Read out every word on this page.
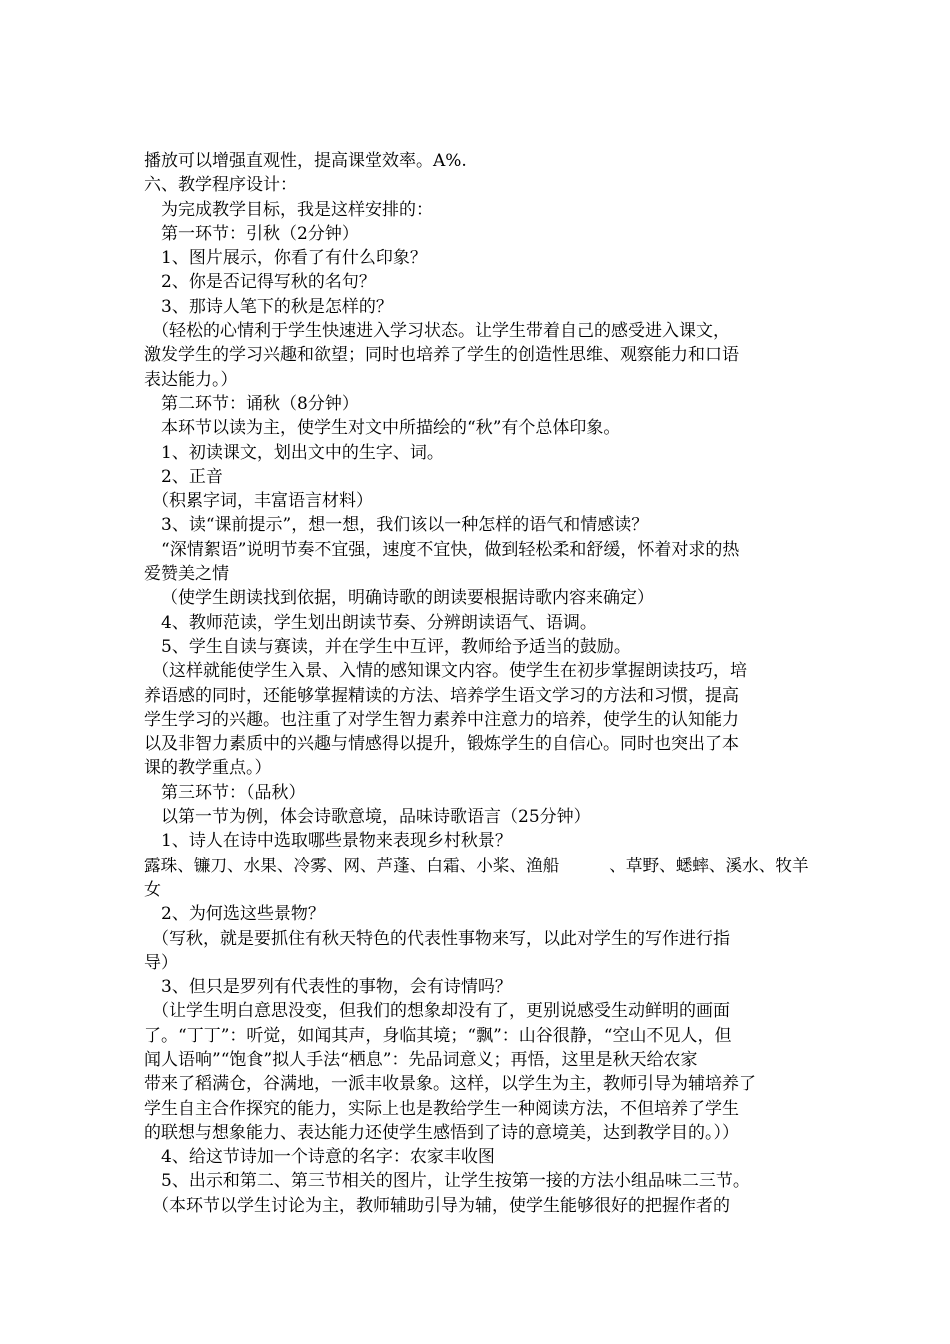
播放可以增强直观性，提高课堂效率。A%.
六、教学程序设计：
为完成教学目标，我是这样安排的：
第一环节：引秋（2分钟）
1、图片展示，你看了有什么印象？
2、你是否记得写秋的名句？
3、那诗人笔下的秋是怎样的？
（轻松的心情利于学生快速进入学习状态。让学生带着自己的感受进入课文，
激发学生的学习兴趣和欲望；同时也培养了学生的创造性思维、观察能力和口语
表达能力。）
第二环节：诵秋（8分钟）
本环节以读为主，使学生对文中所描绘的“秋”有个总体印象。
1、初读课文，划出文中的生字、词。
2、正音
（积累字词，丰富语言材料）
3、读“课前提示”，想一想，我们该以一种怎样的语气和情感读？
“深情絮语”说明节奏不宜强，速度不宜快，做到轻松柔和舒缓，怀着对求的热
爱赞美之情
（使学生朗读找到依据，明确诗歌的朗读要根据诗歌内容来确定）
4、教师范读，学生划出朗读节奏、分辨朗读语气、语调。
5、学生自读与赛读，并在学生中互评，教师给予适当的鼓励。
（这样就能使学生入景、入情的感知课文内容。使学生在初步掌握朗读技巧，培
养语感的同时，还能够掌握精读的方法、培养学生语文学习的方法和习惯，提高
学生学习的兴趣。也注重了对学生智力素养中注意力的培养，使学生的认知能力
以及非智力素质中的兴趣与情感得以提升，锻炼学生的自信心。同时也突出了本
课的教学重点。）
第三环节：（品秋）
以第一节为例，体会诗歌意境，品味诗歌语言（25分钟）
1、诗人在诗中选取哪些景物来表现乡村秋景？
露珠、镰刀、水果、冷雾、网、芦蓬、白霜、小桨、渔船	、草野、蟋蟀、溪水、牧羊
女
2、为何选这些景物？
（写秋，就是要抓住有秋天特色的代表性事物来写，以此对学生的写作进行指
导）
3、但只是罗列有代表性的事物，会有诗情吗？
（让学生明白意思没变，但我们的想象却没有了，更别说感受生动鲜明的画面
了。“丁丁”：听觉，如闻其声，身临其境；“飘”：山谷很静，“空山不见人，但
闻人语响”“饱食”拟人手法“栖息”：先品词意义；再悟，这里是秋天给农家
带来了稻满仓，谷满地，一派丰收景象。这样，以学生为主，教师引导为辅培养了
学生自主合作探究的能力，实际上也是教给学生一种阅读方法，不但培养了学生
的联想与想象能力、表达能力还使学生感悟到了诗的意境美，达到教学目的。））
4、给这节诗加一个诗意的名字：农家丰收图
5、出示和第二、第三节相关的图片，让学生按第一接的方法小组品味二三节。
（本环节以学生讨论为主，教师辅助引导为辅，使学生能够很好的把握作者的
